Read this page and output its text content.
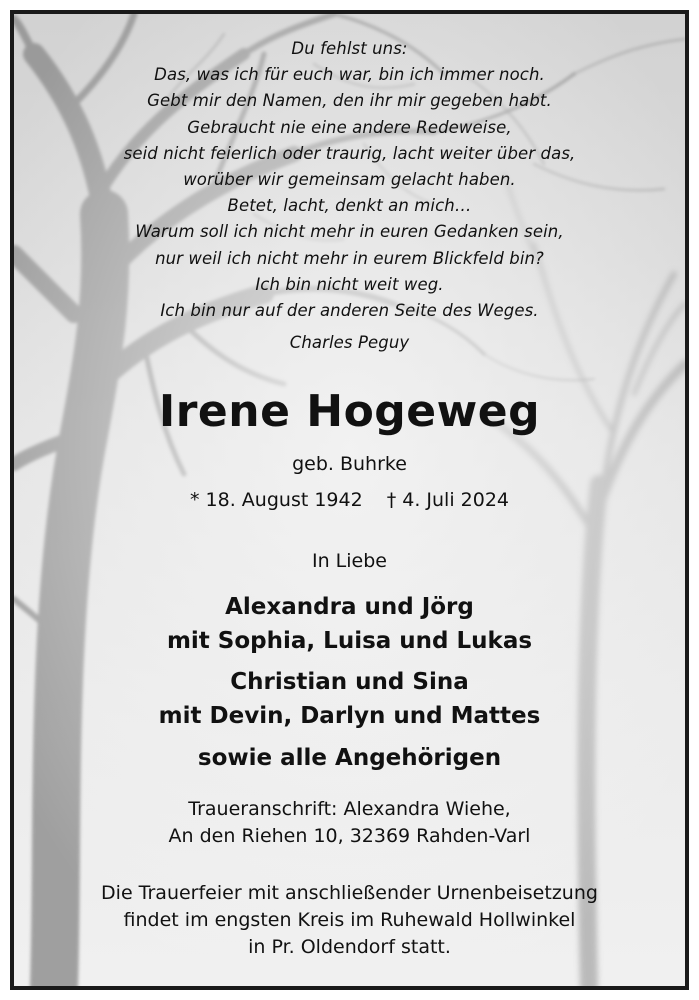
Du fehlst uns:
Das, was ich für euch war, bin ich immer noch.
Gebt mir den Namen, den ihr mir gegeben habt.
Gebraucht nie eine andere Redeweise,
seid nicht feierlich oder traurig, lacht weiter über das,
worüber wir gemeinsam gelacht haben.
Betet, lacht, denkt an mich…
Warum soll ich nicht mehr in euren Gedanken sein,
nur weil ich nicht mehr in eurem Blickfeld bin?
Ich bin nicht weit weg.
Ich bin nur auf der anderen Seite des Weges.
Charles Peguy
Irene Hogeweg
geb. Buhrke
* 18. August 1942 † 4. Juli 2024
In Liebe
Alexandra und Jörg
mit Sophia, Luisa und Lukas
Christian und Sina
mit Devin, Darlyn und Mattes
sowie alle Angehörigen
Traueranschrift: Alexandra Wiehe,
An den Riehen 10, 32369 Rahden-Varl
Die Trauerfeier mit anschließender Urnenbeisetzung
findet im engsten Kreis im Ruhewald Hollwinkel
in Pr. Oldendorf statt.
